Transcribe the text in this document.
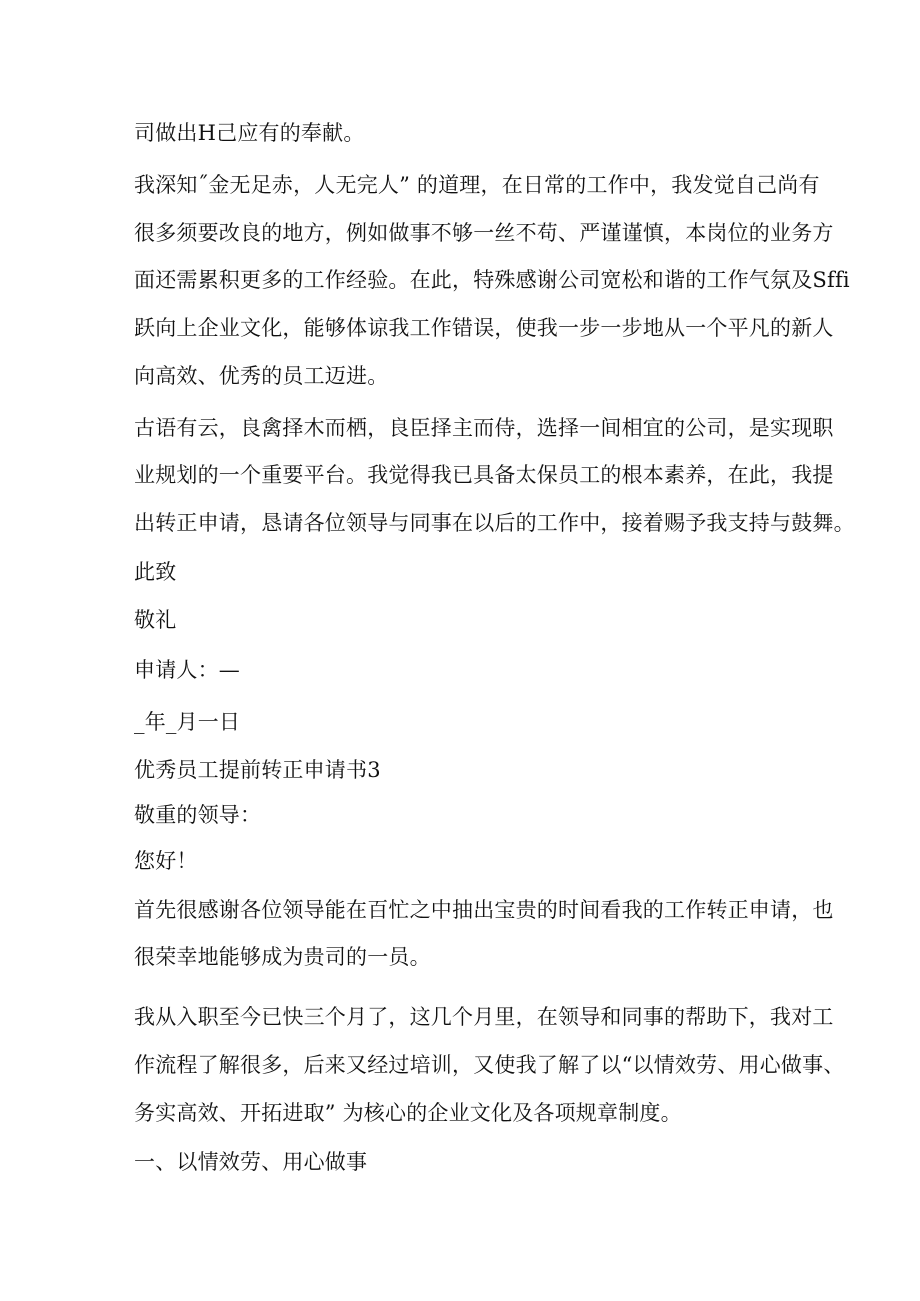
司做出H己应有的奉献。

我深知˝金无足赤，人无完人” 的道理，在日常的工作中，我发觉自己尚有

很多须要改良的地方，例如做事不够一丝不苟、严谨谨慎，本岗位的业务方

面还需累积更多的工作经验。在此，特殊感谢公司宽松和谐的工作气氛及Sffi

跃向上企业文化，能够体谅我工作错误，使我一步一步地从一个平凡的新人

向高效、优秀的员工迈进。

古语有云，良禽择木而栖，良臣择主而侍，选择一间相宜的公司，是实现职

业规划的一个重要平台。我觉得我已具备太保员工的根本素养，在此，我提

出转正申请，恳请各位领导与同事在以后的工作中，接着赐予我支持与鼓舞。

此致

敬礼

申请人：—

_年_月一日

优秀员工提前转正申请书3

敬重的领导：

您好！

首先很感谢各位领导能在百忙之中抽出宝贵的时间看我的工作转正申请，也

很荣幸地能够成为贵司的一员。

我从入职至今已快三个月了，这几个月里，在领导和同事的帮助下，我对工

作流程了解很多，后来又经过培训，又使我了解了以“以情效劳、用心做事、

务实高效、开拓进取” 为核心的企业文化及各项规章制度。

一、以情效劳、用心做事
